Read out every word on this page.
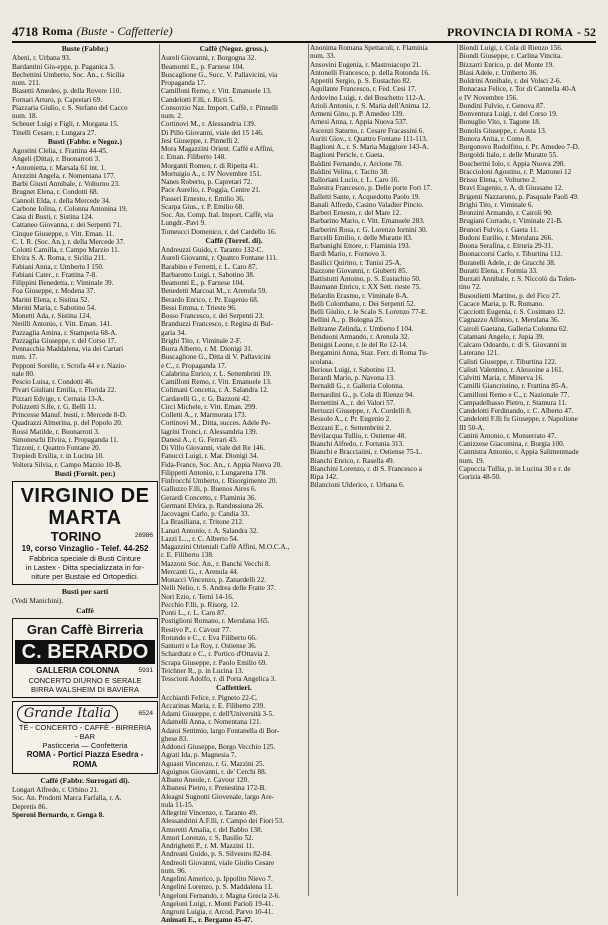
4718 Roma (Buste - Caffetterie)	PROVINCIA DI ROMA - 52
Buste (Fabbr.)
Abeni, r. Urbana 93.
Bardantini Giu-eppe, p. Paganica 3.
Bechettini Umberto, Soc. An., r. Sicilia
num. 211.
Biasetti Amedeo, p. della Rovere 110.
Fornari Arturo, p. Capretari 69.
Piazzaria Giulio, r. S. Stefano del Cacco
num. 18.
Scheuer Luigi e Figli, r. Morgana 15.
Tinelli Cesare, r. Lungara 27.
Busti (Fabbr. e Negoz.)
Agostini Clelia, r. Frattina 44-45.
Angeli (Ditta), r. Buonarroti 3.
• Antonietta, r. Marsala 61 int. 1.
Arezzini Angela, r. Nomentana 177.
Barbi Giusti Annibale, r. Volturno 23.
Brugnet Elena, r. Condotti 68.
Cannoli Elda, r. della Mercede 34.
Carbone Iolina, r. Colonna Antonina 19.
Casa di Busti, r. Sistina 124.
Cattaneo Giovanna, r. dei Serpenti 71.
Cinque Giuseppe, r. Vitt. Eman. 11.
C. I. R. (Soc. An.), r. della Mercede 37.
Colotti Camilla, r. Campo Marzio 11.
Elvira S. A. Roma, r. Sicilia 211.
Fabiani Anna, r. Umberto I 150.
Fabiani Cater., r. Frattina 7-8.
Filippini Benedetta, r. Viminale 39.
Foa Giuseppe, r. Modena 37.
Marini Elena, r. Sistina 52.
Merini Maria, r. Sabotino 54.
Monetti Ada, r. Sistina 124.
Nerilli Antonio, r. Vitt. Eman. 141.
Pazzaglia Amina, r. Stamperia 68-A.
Pazzaglia Giuseppe, r. del Corso 17.
Pennacchia Maddalena, via dei Cartari
num. 17.
Pepponi Sorelle, r. Scrofa 44 e r. Nazio-
nale 80.
Pescio Luisa, r. Condotti 46.
Pivari Giuliani Emilia, r. Florida 22.
Pizzari Edvige, r. Cernaia 13-A.
Polizzetti S.lle, r. G. Belli 11.
Princesse Manuf. busti, r. Mercede 8-D.
Quadrazzi Almerina, p. del Popolo 20.
Rossi Matilde, r. Buonarroti 3.
Simoneschi Elvira, r. Propaganda 11.
Tizzoni, r. Quattro Fontane 20.
Trepiedi Ersilia, r. in Lucina 10.
Voltera Silvia, r. Campo Marzio 10-B.
Busti (Fornit. per.)
VIRGINIO DE MARTA
TORINO	26986
19, corso Vinzaglio - Telef. 44-252
Fabbrica speciale di Busti Cinture
in Lastex - Ditta specializzata in for-
niture per Bustaie ed Ortopedici.
Busti per sarti
(Vedi Manichini).
Caffè
Gran Caffè Birreria
C. BERARDO
GALLERIA COLONNA	5931
CONCERTO DIURNO E SERALE
BIRRA WALSHEIM DI BAVIERA
Grande Italia	6524
TÈ - CONCERTO - CAFFÈ - BIRRERIA - BAR
Pasticceria — Confetteria
ROMA - Portici Piazza Esedra - ROMA
Caffè (Fabbr. Surrogati di).
Longari Alfredo, r. Urbino 21.
Soc. An. Prodotti Marca Farfalla, r. A.
Depretis 86.
Speroni Bernardo, r. Genga 8.
Caffè (Negoz. gross.).
Aureli Giovanni, r. Borgogna 32.
Beamonti E., p. Farnese 104.
Buscaglione G., Succ. V. Pallavicini, via
Propaganda 17.
Camilloni Remo, r. Vitt. Emanuele 13.
Candelotti F.lli, r. Ricti 5.
Consorzio Naz. Import. Caffè, r. Pinnelli
num. 2.
Cortinovi M., r. Alessandria 139.
Di Pillo Giovanni, viale del 15 146.
Jesi Giuseppe, r. Pinnelli 2.
Mora Magazzini Orient. Caffè e Affini,
r. Eman. Filiberto 148.
Morganti Romeo, r. di Ripetta 41.
Mortuigio A., r. IV Novembre 151.
Nanes Roberto, p. Capretari 72.
Pace Aurelio, r. Poggia, Centre 21.
Passeri Ernesto, r. Emilio 36.
Scarpa Gius., r. P. Emilio 68.
Soc. An. Comp. Ital. Import. Caffè, via
Lungdr.-Pavi 9.
Tomeucci Domenico, r. del Cardello 16.
Caffè (Torref. di).
Andreuzzi Guido, r. Taranto 132-C.
Aureli Giovanni, r. Quattro Fontane 111.
Barabino e Ferretti, r. L. Caro 87.
Barbarotto Luigi, r. Sabotino 38.
Beamonti E., p. Farnese 104.
Benedetti Marcoai M., r. Arenula 59.
Berardo Enrico, r. Pr. Eugenio 68.
Bessi Emma, r. Trieste 96.
Bosso Francesco, r. dei Serpenti 23.
Branduzzi Francesco, r. Regina di Bul-
garia 34.
Brighi Tito, r. Viminale 2-F.
Burra Alberto, r. M. Dionigi 31.
Buscaglione G., Ditta di V. Pallavicini
e C., r. Propaganda 17.
Calabrina Enrico, r. L. Settembrini 19.
Camilloni Remo, r. Vitt. Emanuele 13.
Colimani Concetta, r. A. Salandra 12.
Cardarelli G., r. G. Bazzoni 42.
Circi Michele, r. Vitt. Eman. 299.
Colletti A., r. Marmorata 173.
Cortinovi M., Ditta, succes. Adele Pe-
lagrini Tronci, r. Alessandria 139.
Danesi A., r. G. Ferrari 43.
Di Villo Giovanni, viale del Re 146.
Fanucci Luigi, r. Mar. Dionigi 34.
Fida-France, Soc. An., r. Appia Nuova 20.
Filippetti Antonio, r. Lungaretta 178.
Finfrocchi Umberto, r. Risorgimento 20.
Galluzzo F.lli, p. Buenos Aires 6.
Gerardi Concetto, r. Flaminia 36.
Germani Elvira, p. Randussiuna 26.
Jacovagni Carlo, p. Candia 33.
La Brasiliana, r. Tritone 212.
Lanari Antonio, r. A. Salandra 32.
Lazzi L..., r. C. Alberto 54.
Magazzini Orientali Caffè Affini, M.O.C.A.,
r. E. Filiberto 138.
Mazzoni Soc. An., r. Banchi Vecchi 8.
Mercanti G., r. Arenula 44.
Monacci Vincenzo, p. Zanardelli 22.
Nelli Nelio, r. S. Andrea delle Fratte 37.
Nori Ezio, r. Terni 14-16.
Pecchio F.lli, p. Risorg. 12.
Ponti L., r. L. Caro 87.
Postiglioni Romano, r. Merulana 165.
Restivo P., r. Cavour 77.
Rotundo e C., r. Eva Filiberto 66.
Santurri e Le Roy, r. Ostiense 36.
Schardtatz e C., r. Portico d'Ottavia 2.
Scrapa Giuseppe, r. Paolo Emilio 69.
Teichner R., p. in Lucina 13.
Tesscioni Adolfo, r. di Porta Angelica 3.
Caffettieri.
Acchiardi Felice, r. Pigneto 22-C.
Accarinas Maria, r. E. Filiberto 239.
Adami Giuseppe, r. dell'Università 3-5.
Adamelli Anna, r. Nomentana 121.
Adatoi Settimio, largo Fontanella di Bor-
ghese 83.
Addonci Giuseppe, Borgo Vecchio 125.
Agrati Ida, p. Magnesia 7.
Aguasti Vincenzo, r. G. Mazzini 25.
Aguignos Giovanni, r. de' Cerchi 88.
Albano Aneole, r. Cavour 120.
Albanesi Pietro, r. Prenestina 172-B.
Aleagni Sugnotti Giovenale, largo Are-
nula 11-15.
Allegrini Vincenzo, r. Taranto 49.
Alessandrini A.F.lli, r. Campo dei Fiori 53.
Amoretti Amalia, r. del Babbo 138.
Amori Lorenzo, r. S. Basilio 52.
Andrighetti P., r. M. Mazzini 11.
Andreani Guido, p. S. Silvestro 82-84.
Andreoli Giovanni, viale Giulio Cesare
num. 96.
Angelini Americo, p. Ippolito Nievo 7.
Angelini Lorenzo, p. S. Maddalena 11.
Angeloni Fernando, r. Magna Grecia 2-6.
Angeloni Luigi, r. Monti Parioli 19-41.
Angroni Luigia, r. Arcod. Parvo 10-41.
Animati E., r. Bergamo 45-47.
Anonima Romana Spettacoli, r. Flaminia
num. 33.
Ansovini Eugenia, r. Mastroiacopo 21.
Antonelli Francesco, p. della Rotonda 16.
Appetiti Sergio, p. S. Eustachio 82.
Aquilante Francesco, r. Fed. Cesi 17.
Ardovino Luigi, r. del Boschetto 112-A.
Arioli Antonio, r. S. Maria dell'Anima 12.
Armeni Gino, p. P. Amedeo 139.
Arnesi Anna, r. Appia Nuova 537.
Ascenzi Saturno, r. Cesare Fracassini 6.
Auriti Giov., r. Quattro Fontane 111-113.
Baglioni A., r. S. Maria Maggiore 143-A.
Baglioni Pericle, r. Gaeta.
Baldini Fernando, r. Arcione 78.
Baldini Velina, r. Tacito 38.
Balloriani Lucio, r. L. Caro 16.
Balestra Francesco, p. Delle porte Fori 17.
Balletti Sante, r. Acquedotto Paolo 19.
Banali Alfredo, Casino Valadier Pincio.
Barberi Ernesto, r. del Mare 12.
Barbarino Mario, r. Vitt. Emanuele 283.
Barberini Rosa, r. G. Lorenzo Iornini 30.
Barcelli Emilio, r. delle Muratte 83.
Barbanighi Ettore, r. Flaminia 193.
Bardi Mario, r. Fornovo 3.
Basilici Quirino, r. Tunisi 25-A.
Bazzone Giovanni, r. Giuberti 85.
Battistutti Antoino, p. S. Eustachio 50.
Baumann Enrico, r. XX Sett. rieste 75.
Belardin Erasmo, r. Viminale 8-A.
Belli Colombano, r. Dei Serpenti 52.
Belli Giulio, r. le Scalo S. Lorenzo 77-E.
Bellini A., p. Bologna 25.
Beltrame Zelinda, r. Umberto I 104.
Benduoni Armando, r. Arenula 32.
Benigni Leone, r. le del Re 12-14.
Bergamini Anna, Staz. Ferr. di Roma Tu-
scolana.
Berioso Luigi, r. Sabotino 13.
Berardi Mario, p. Navona 13.
Bernaldi G., r. Galleria Colonna.
Bernardini G., p. Cola di Rienzo 94.
Bernettini A., r. dei Valori 57.
Bertuzzi Giuseppe, r. A. Cordelli 8.
Bessolo A., r. Pr. Eugenio 2.
Bezzani E., r. Settembrini 2.
Bevilacqua Tullio, r. Ostiense 48.
Bianchi Alfredo, r. Fortunia 313.
Bianchi e Bracciaiini, r. Ostiense 75-L.
Bianchi Enrico, r. Rasella 49.
Bianchini Lorenzo, r. di S. Francesco a
Ripa 142.
Bilancioni Ulderico, r. Urbana 6.
Biondi Luigi, r. Cola di Rienzo 156.
Biondi Giuseppe, r. Carlina Vincita.
Bizzarri Enrico, p. del Monte 19.
Blasi Adele, r. Umberto 36.
Boldrini Annibale, r. dei Volsci 2-6.
Bonacasa Felice, r. Tor di Cannella 40-A
e IV Novembre 156.
Bondini Fulvio, r. Genova 87.
Bonventura Luigi, r. del Corso 19.
Bonuglio Vito, r. Tagone 18.
Bonolis Giuseppe, r. Aosta 13.
Bonora Anita, r. Como 8.
Borgonovo Rodolfino, r. Pr. Amedeo 7-D.
Borgoldi Italo, r. delle Muratte 55.
Boscherini Iolo, r. Appia Nuova 290.
Braccioloni Agostino, r. P. Mattonei 12
Brisso Elena, r. Volturno 2.
Bravi Eugenio, r. A. di Giussano 12.
Brigenti Nazzareno, p. Pasquale Paoli 49.
Brighi Tito, r. Viminale 6.
Bronzini Armando, r. Cairoli 90.
Brugiani Corrado, r. Viminale 21-B.
Brunori Fulvio, r. Gaeta 11.
Budoni Eurilio, r. Merulana 266.
Buona Serafina, r. Etruria 29-31.
Buonaccorsi Carlo, r. Tiburtina 112.
Buranelli Adele, r. de Gracchi 38.
Buratti Elena, r. Formia 33.
Burzati Annibale, r. S. Niccolò da Tolen-
tino 72.
Busoulietti Martino, p. del Fico 27.
Cacace Maria, p. R. Romano.
Cacciotti Eugenia, r. S. Cosimato 12.
Cagnazzo Alfonso, r. Merulana 36.
Cairoli Gaetana, Galleria Colonna 62.
Calamani Angelo, r. Jupia 39.
Calcaro Odoardo, r. di S. Giovanni in
Laterano 121.
Calisti Giuseppe, r. Tiburtina 122.
Calisti Valentino, r. Alessoine a 161.
Calvitti Maria, r. Minerva 16.
Camilli Giancristino, r. Frattina 85-A.
Camilloni Remo e C., r. Nazionale 77.
Campadelbasso Pietro, r. Stamura 11.
Candelotti Ferdinando, r. C. Alberto 47.
Candelotti F.lli fu Giuseppe, r. Napolione
III 50-A.
Canini Antonio, r. Monserrato 47.
Canizzese Giacomina, r. Borgia 100.
Cannistra Antonio, r. Appia Salimenmade
num. 19.
Capoccia Tullia, p. in Lucina 30 e r. de
Gorizia 48-50.
